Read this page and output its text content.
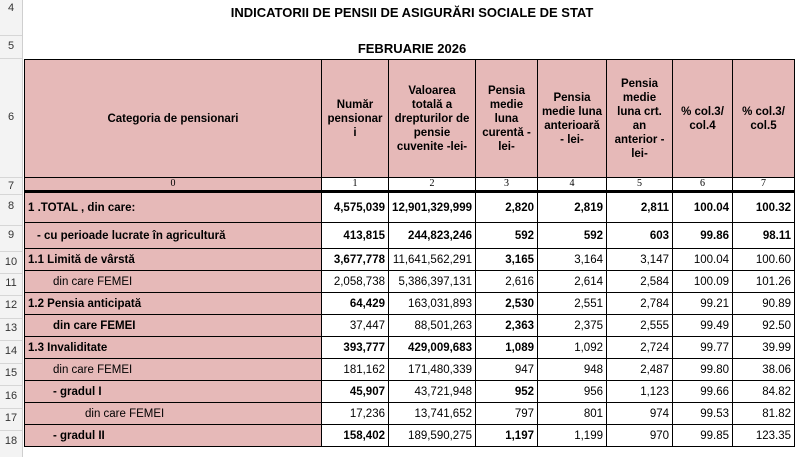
4
5
6
7
8
9
10
11
12
13
14
15
16
17
18
INDICATORII DE PENSII DE ASIGURĂRI SOCIALE DE STAT
FEBRUARIE 2026
Categoria de pensionari	Număr pensionar i	Valoarea totală a drepturilor de pensie cuvenite -lei-	Pensia medie luna curentă -lei-	Pensia medie luna anterioară - lei-	Pensia medie luna crt. an anterior -lei-	% col.3/ col.4	% col.3/ col.5
0	1	2	3	4	5	6	7
1 .TOTAL , din care:	4,575,039	12,901,329,999	2,820	2,819	2,811	100.04	100.32
- cu perioade lucrate în agricultură	413,815	244,823,246	592	592	603	99.86	98.11
1.1 Limită de vârstă	3,677,778	11,641,562,291	3,165	3,164	3,147	100.04	100.60
din care FEMEI	2,058,738	5,386,397,131	2,616	2,614	2,584	100.09	101.26
1.2 Pensia anticipată	64,429	163,031,893	2,530	2,551	2,784	99.21	90.89
din care FEMEI	37,447	88,501,263	2,363	2,375	2,555	99.49	92.50
1.3 Invaliditate	393,777	429,009,683	1,089	1,092	2,724	99.77	39.99
din care FEMEI	181,162	171,480,339	947	948	2,487	99.80	38.06
- gradul I	45,907	43,721,948	952	956	1,123	99.66	84.82
din care FEMEI	17,236	13,741,652	797	801	974	99.53	81.82
- gradul II	158,402	189,590,275	1,197	1,199	970	99.85	123.35
